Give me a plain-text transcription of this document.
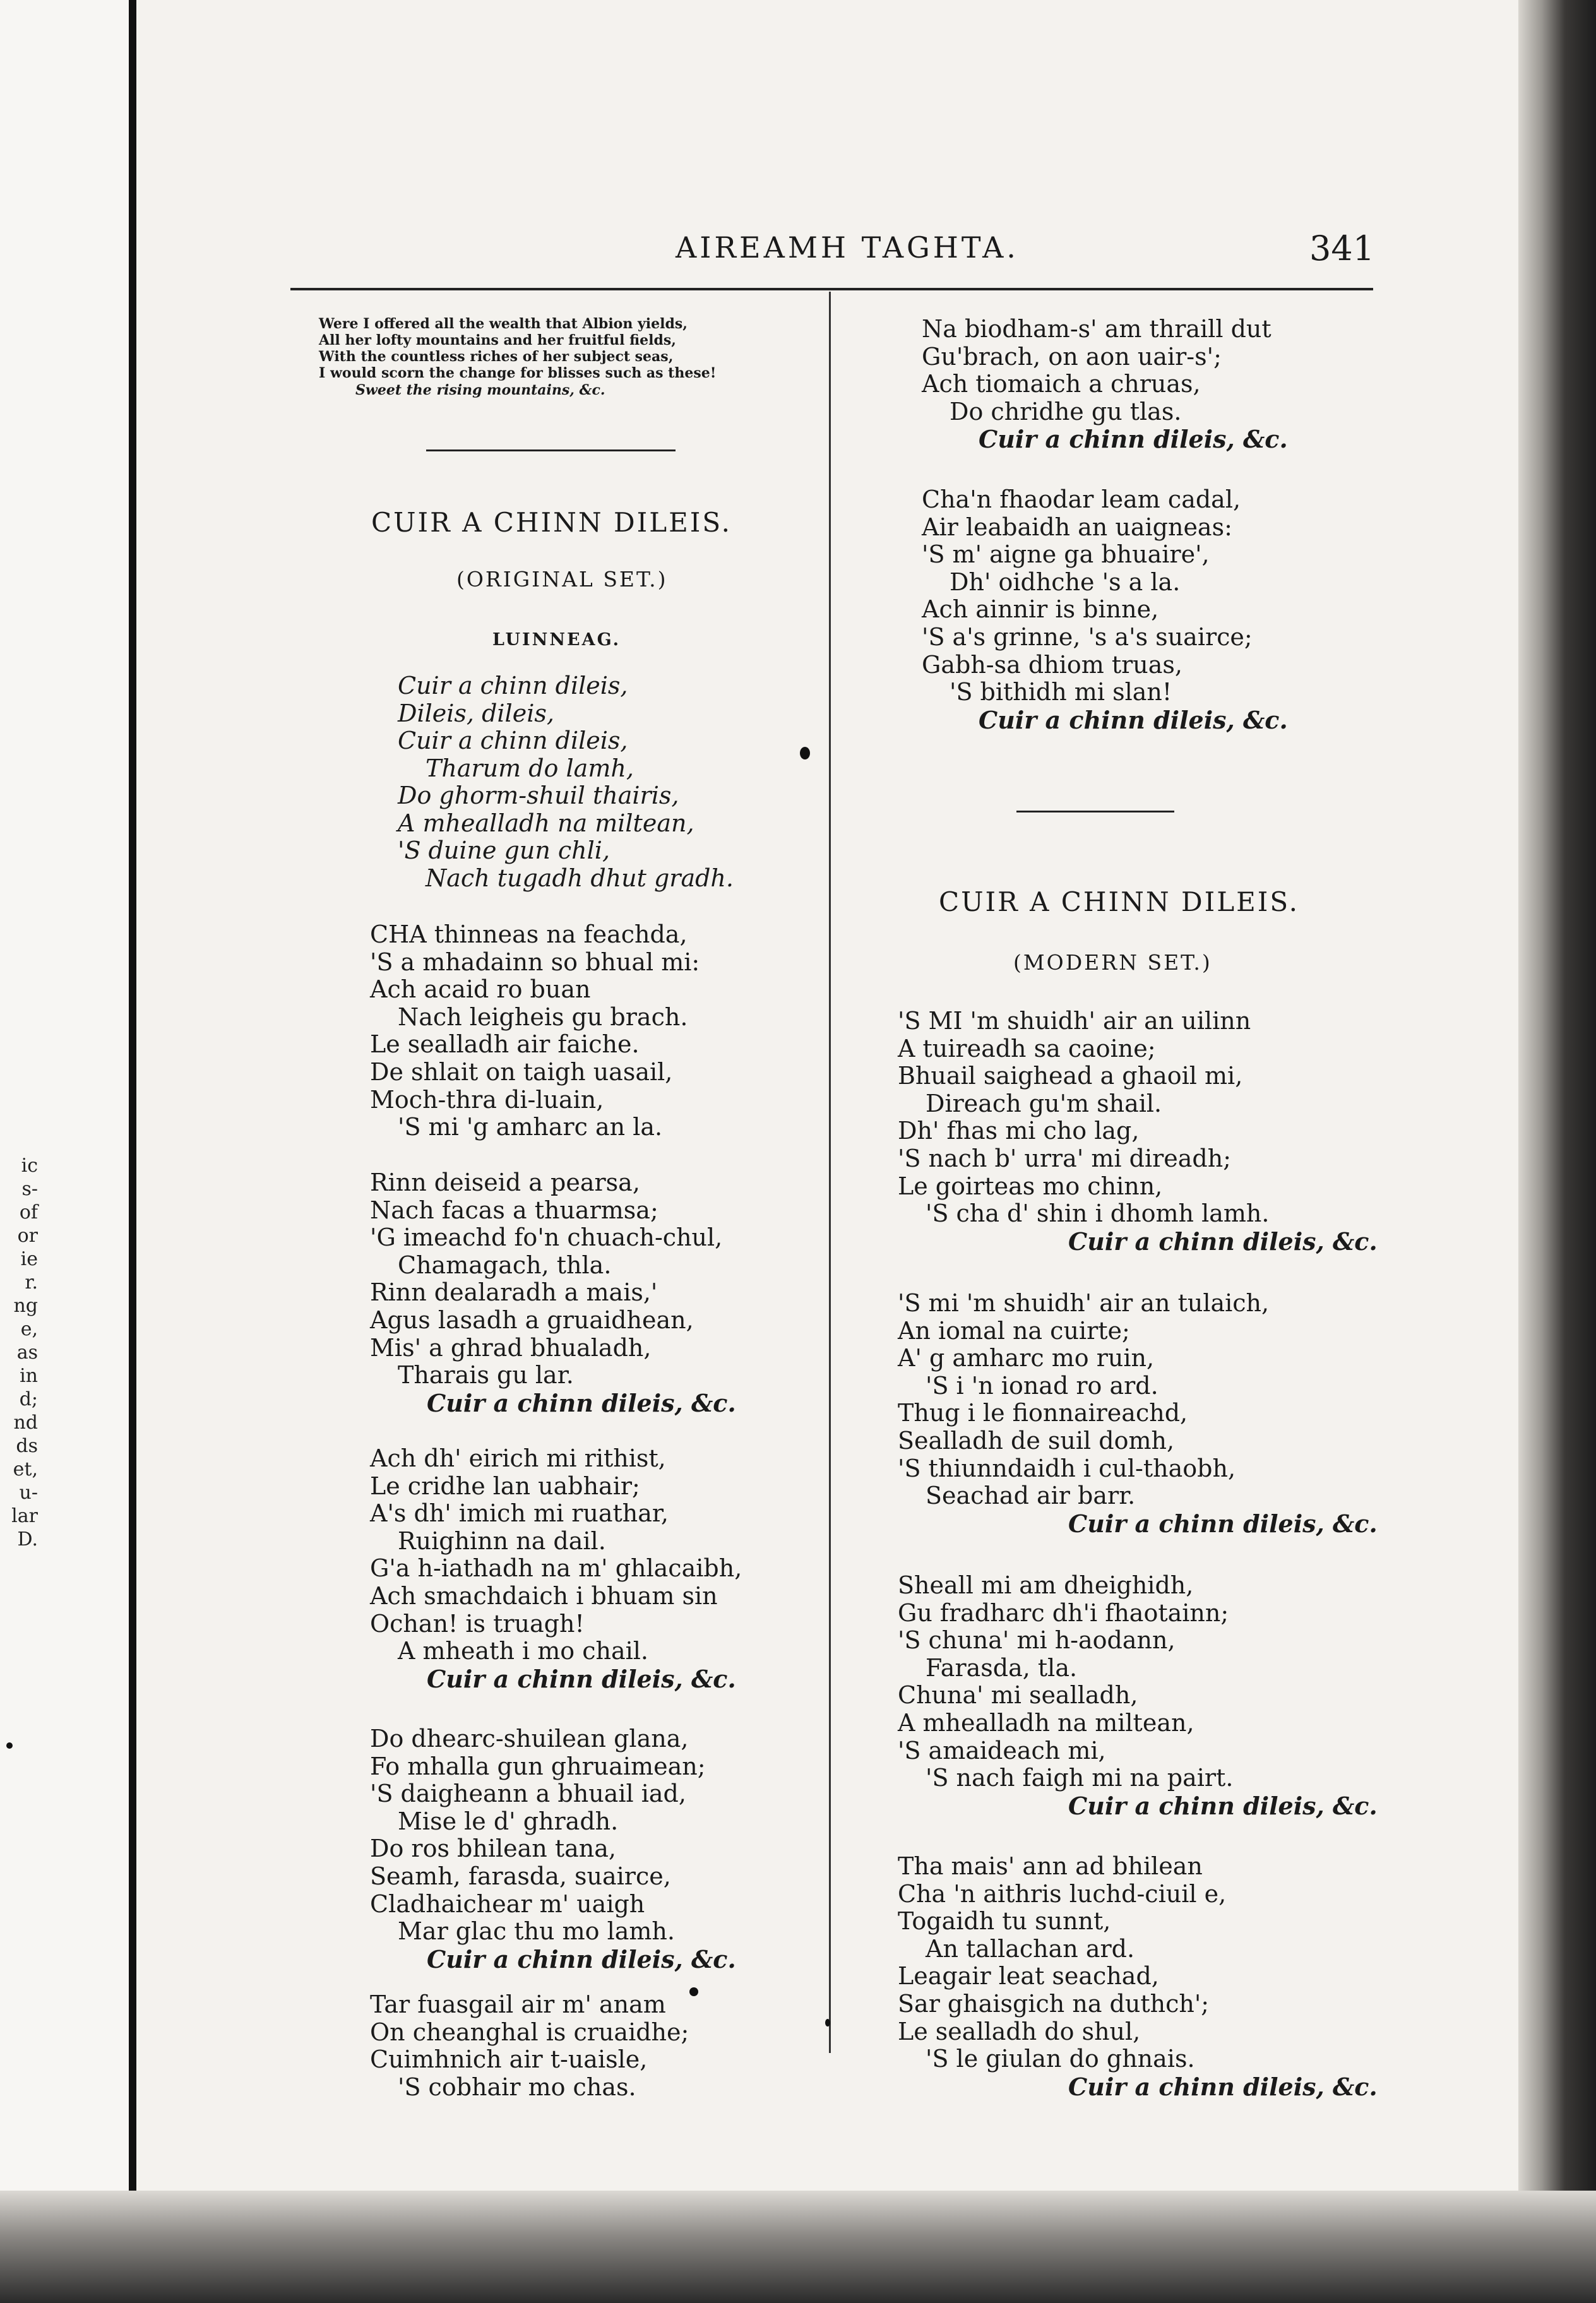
ic
s-
of
or
ie
r.
ng
e,
as
in
d;
nd
ds
et,
u-
lar
D.
AIREAMH TAGHTA.	341
Were I offered all the wealth that Albion yields,
All her lofty mountains and her fruitful fields,
With the countless riches of her subject seas,
I would scorn the change for blisses such as these!
Sweet the rising mountains, &c.
CUIR A CHINN DILEIS.
(ORIGINAL SET.)
LUINNEAG.
Cuir a chinn dileis,
Dileis, dileis,
Cuir a chinn dileis,
Tharum do lamh,
Do ghorm-shuil thairis,
A mhealladh na miltean,
'S duine gun chli,
Nach tugadh dhut gradh.
CHA thinneas na feachda,
'S a mhadainn so bhual mi:
Ach acaid ro buan
Nach leigheis gu brach.
Le sealladh air faiche.
De shlait on taigh uasail,
Moch-thra di-luain,
'S mi 'g amharc an la.
Rinn deiseid a pearsa,
Nach facas a thuarmsa;
'G imeachd fo'n chuach-chul,
Chamagach, thla.
Rinn dealaradh a mais,'
Agus lasadh a gruaidhean,
Mis' a ghrad bhualadh,
Tharais gu lar.
Cuir a chinn dileis, &c.
Ach dh' eirich mi rithist,
Le cridhe lan uabhair;
A's dh' imich mi ruathar,
Ruighinn na dail.
G'a h-iathadh na m' ghlacaibh,
Ach smachdaich i bhuam sin
Ochan! is truagh!
A mheath i mo chail.
Cuir a chinn dileis, &c.
Do dhearc-shuilean glana,
Fo mhalla gun ghruaimean;
'S daigheann a bhuail iad,
Mise le d' ghradh.
Do ros bhilean tana,
Seamh, farasda, suairce,
Cladhaichear m' uaigh
Mar glac thu mo lamh.
Cuir a chinn dileis, &c.
Tar fuasgail air m' anam
On cheanghal is cruaidhe;
Cuimhnich air t-uaisle,
'S cobhair mo chas.
Na biodham-s' am thraill dut
Gu'brach, on aon uair-s';
Ach tiomaich a chruas,
Do chridhe gu tlas.
Cuir a chinn dileis, &c.
Cha'n fhaodar leam cadal,
Air leabaidh an uaigneas:
'S m' aigne ga bhuaire',
Dh' oidhche 's a la.
Ach ainnir is binne,
'S a's grinne, 's a's suairce;
Gabh-sa dhiom truas,
'S bithidh mi slan!
Cuir a chinn dileis, &c.
CUIR A CHINN DILEIS.
(MODERN SET.)
'S MI 'm shuidh' air an uilinn
A tuireadh sa caoine;
Bhuail saighead a ghaoil mi,
Direach gu'm shail.
Dh' fhas mi cho lag,
'S nach b' urra' mi direadh;
Le goirteas mo chinn,
'S cha d' shin i dhomh lamh.
Cuir a chinn dileis, &c.
'S mi 'm shuidh' air an tulaich,
An iomal na cuirte;
A' g amharc mo ruin,
'S i 'n ionad ro ard.
Thug i le fionnaireachd,
Sealladh de suil domh,
'S thiunndaidh i cul-thaobh,
Seachad air barr.
Cuir a chinn dileis, &c.
Sheall mi am dheighidh,
Gu fradharc dh'i fhaotainn;
'S chuna' mi h-aodann,
Farasda, tla.
Chuna' mi sealladh,
A mhealladh na miltean,
'S amaideach mi,
'S nach faigh mi na pairt.
Cuir a chinn dileis, &c.
Tha mais' ann ad bhilean
Cha 'n aithris luchd-ciuil e,
Togaidh tu sunnt,
An tallachan ard.
Leagair leat seachad,
Sar ghaisgich na duthch';
Le sealladh do shul,
'S le giulan do ghnais.
Cuir a chinn dileis, &c.
